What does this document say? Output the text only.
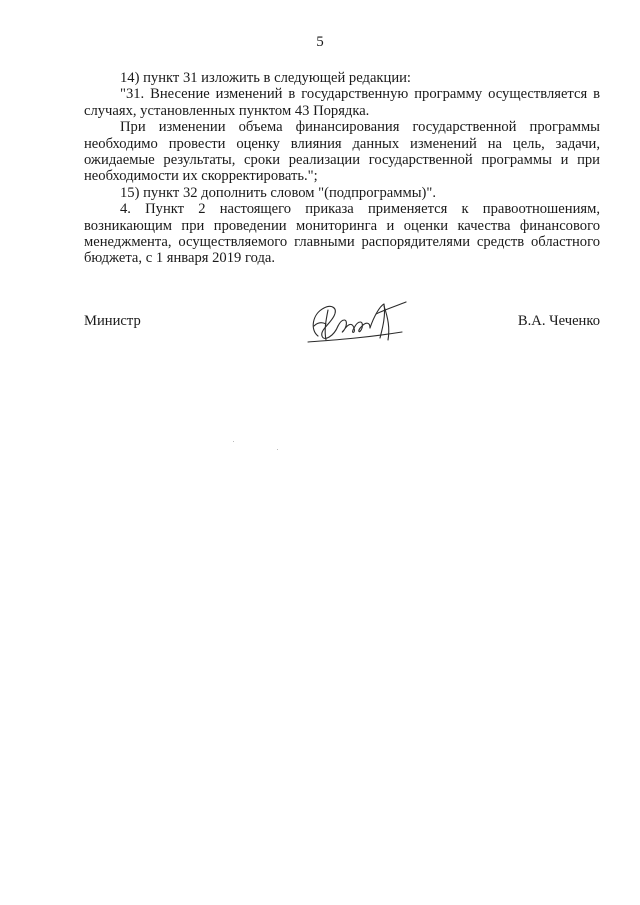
5

14) пункт 31 изложить в следующей редакции:

"31. Внесение изменений в государственную программу осуществляется в случаях, установленных пунктом 43 Порядка.

При изменении объема финансирования государственной программы необходимо провести оценку влияния данных изменений на цель, задачи, ожидаемые результаты, сроки реализации государственной программы и при необходимости их скорректировать.";

15) пункт 32 дополнить словом "(подпрограммы)".

4. Пункт 2 настоящего приказа применяется к правоотношениям, возникающим при проведении мониторинга и оценки качества финансового менеджмента, осуществляемого главными распорядителями средств областного бюджета, с 1 января 2019 года.

Министр	В.А. Чеченко
